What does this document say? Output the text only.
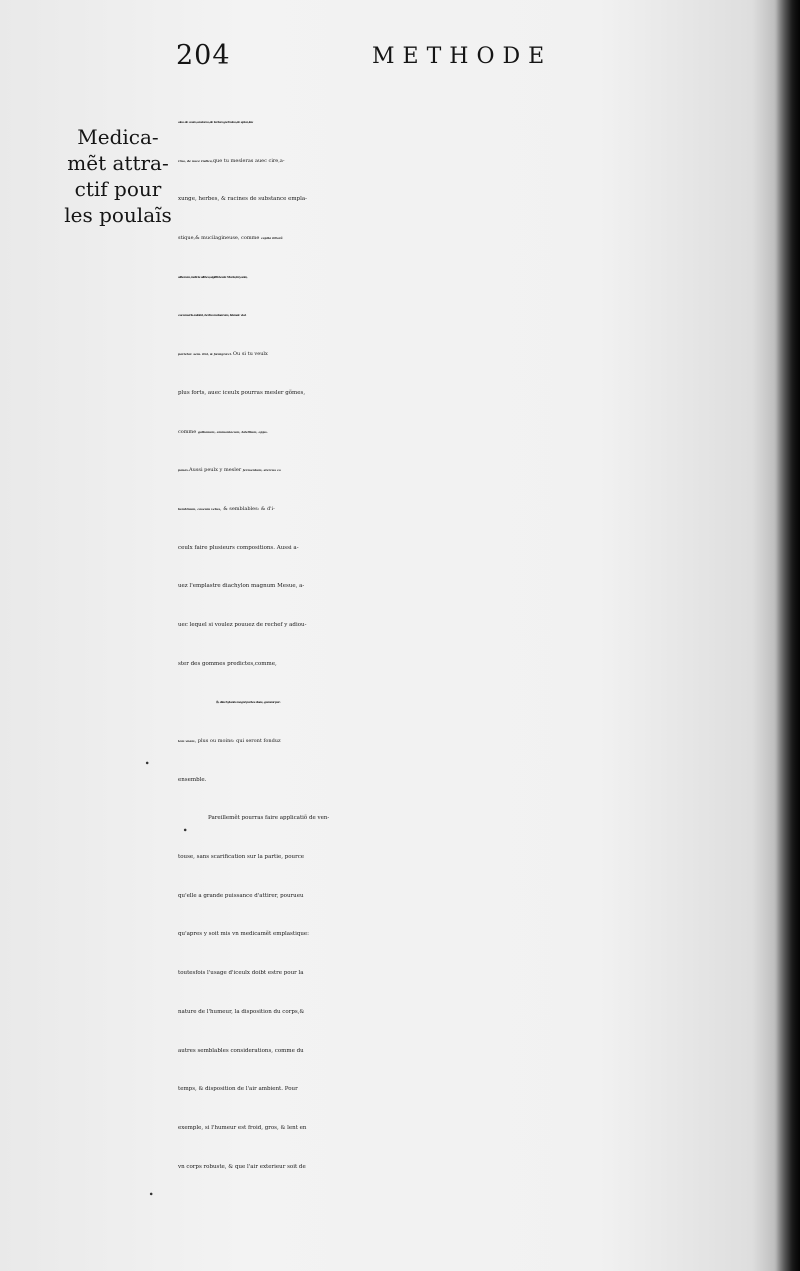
204	METHODE
Medica-
mẽt attra-
ctif pour
les poulaĩs
oleo de costo,castoreo,de tartaro,petroleo,de spica,lau
rino, de nuce Indica,que tu mesleras auec cire,a-
xunge, herbes, & racines de substance empla-
stique,& mucilagineuse, comme capita liliorũ
alborum,radicis althea,sigilli beata Maria,bryonia,
cucumeris asinini, herba maluarum, bismal. viol.
parietar. sem. lini, & fœnigræci. Ou si tu veulx
plus forts, auec iceulx pourras mesler gõmes,
comme galbanum, ammoniacum, bdellium, oppo-
panax.Aussi peulx y mesler fermentum, stercus co
lumbinum, caseum vetus, & semblables: & d'i-
ceulx faire plusieurs compositions. Aussi a-
uez l'emplastre diachylon magnum Mesue, a-
uec lequel si voulez pouuez de rechef y adiou-
ster des gommes predictes,comme,
℞. diachylonis magni partes duas, gummi par-
tem vnam, plus ou moins: qui seront fonduz
ensemble.
Pareillemẽt pourras faire applicatiõ de ven-
touse, sans scarification sur la partie, pource
qu'elle a grande puissance d'attirer, pourueu
qu'apres y soit mis vn medicamẽt emplastique:
toutesfois l'usage d'iceulx doibt estre pour la
nature de l'humeur, la disposition du corps,&
autres semblables considerations, comme du
temps, & disposition de l'air ambient. Pour
exemple, si l'humeur est froid, gros, & lent en
vn corps robuste, & que l'air exterieur soit de
.
.
.
